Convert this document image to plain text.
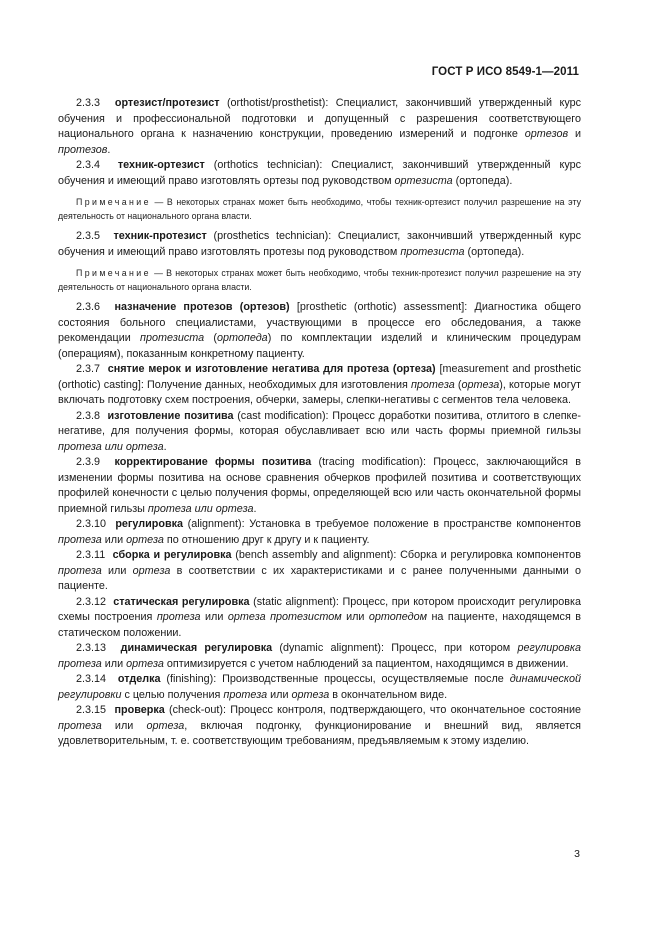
ГОСТ Р ИСО 8549-1—2011

2.3.3 ортезист/протезист (orthotist/prosthetist): Специалист, закончивший утвержденный курс обучения и профессиональной подготовки и допущенный с разрешения соответствующего национального органа к назначению конструкции, проведению измерений и подгонке ортезов и протезов.

2.3.4 техник-ортезист (orthotics technician): Специалист, закончивший утвержденный курс обучения и имеющий право изготовлять ортезы под руководством ортезиста (ортопеда).

Примечание — В некоторых странах может быть необходимо, чтобы техник-ортезист получил разрешение на эту деятельность от национального органа власти.

2.3.5 техник-протезист (prosthetics technician): Специалист, закончивший утвержденный курс обучения и имеющий право изготовлять протезы под руководством протезиста (ортопеда).

Примечание — В некоторых странах может быть необходимо, чтобы техник-протезист получил разрешение на эту деятельность от национального органа власти.

2.3.6 назначение протезов (ортезов) [prosthetic (orthotic) assessment]: Диагностика общего состояния больного специалистами, участвующими в процессе его обследования, а также рекомендации протезиста (ортопеда) по комплектации изделий и клиническим процедурам (операциям), показанным конкретному пациенту.

2.3.7 снятие мерок и изготовление негатива для протеза (ортеза) [measurement and prosthetic (orthotic) casting]: Получение данных, необходимых для изготовления протеза (ортеза), которые могут включать подготовку схем построения, обчерки, замеры, слепки-негативы с сегментов тела человека.

2.3.8 изготовление позитива (cast modification): Процесс доработки позитива, отлитого в слепке-негативе, для получения формы, которая обуславливает всю или часть формы приемной гильзы протеза или ортеза.

2.3.9 корректирование формы позитива (tracing modification): Процесс, заключающийся в изменении формы позитива на основе сравнения обчерков профилей позитива и соответствующих профилей конечности с целью получения формы, определяющей всю или часть окончательной формы приемной гильзы протеза или ортеза.

2.3.10 регулировка (alignment): Установка в требуемое положение в пространстве компонентов протеза или ортеза по отношению друг к другу и к пациенту.

2.3.11 сборка и регулировка (bench assembly and alignment): Сборка и регулировка компонентов протеза или ортеза в соответствии с их характеристиками и с ранее полученными данными о пациенте.

2.3.12 статическая регулировка (static alignment): Процесс, при котором происходит регулировка схемы построения протеза или ортеза протезистом или ортопедом на пациенте, находящемся в статическом положении.

2.3.13 динамическая регулировка (dynamic alignment): Процесс, при котором регулировка протеза или ортеза оптимизируется с учетом наблюдений за пациентом, находящимся в движении.

2.3.14 отделка (finishing): Производственные процессы, осуществляемые после динамической регулировки с целью получения протеза или ортеза в окончательном виде.

2.3.15 проверка (check-out): Процесс контроля, подтверждающего, что окончательное состояние протеза или ортеза, включая подгонку, функционирование и внешний вид, является удовлетворительным, т. е. соответствующим требованиям, предъявляемым к этому изделию.

3
